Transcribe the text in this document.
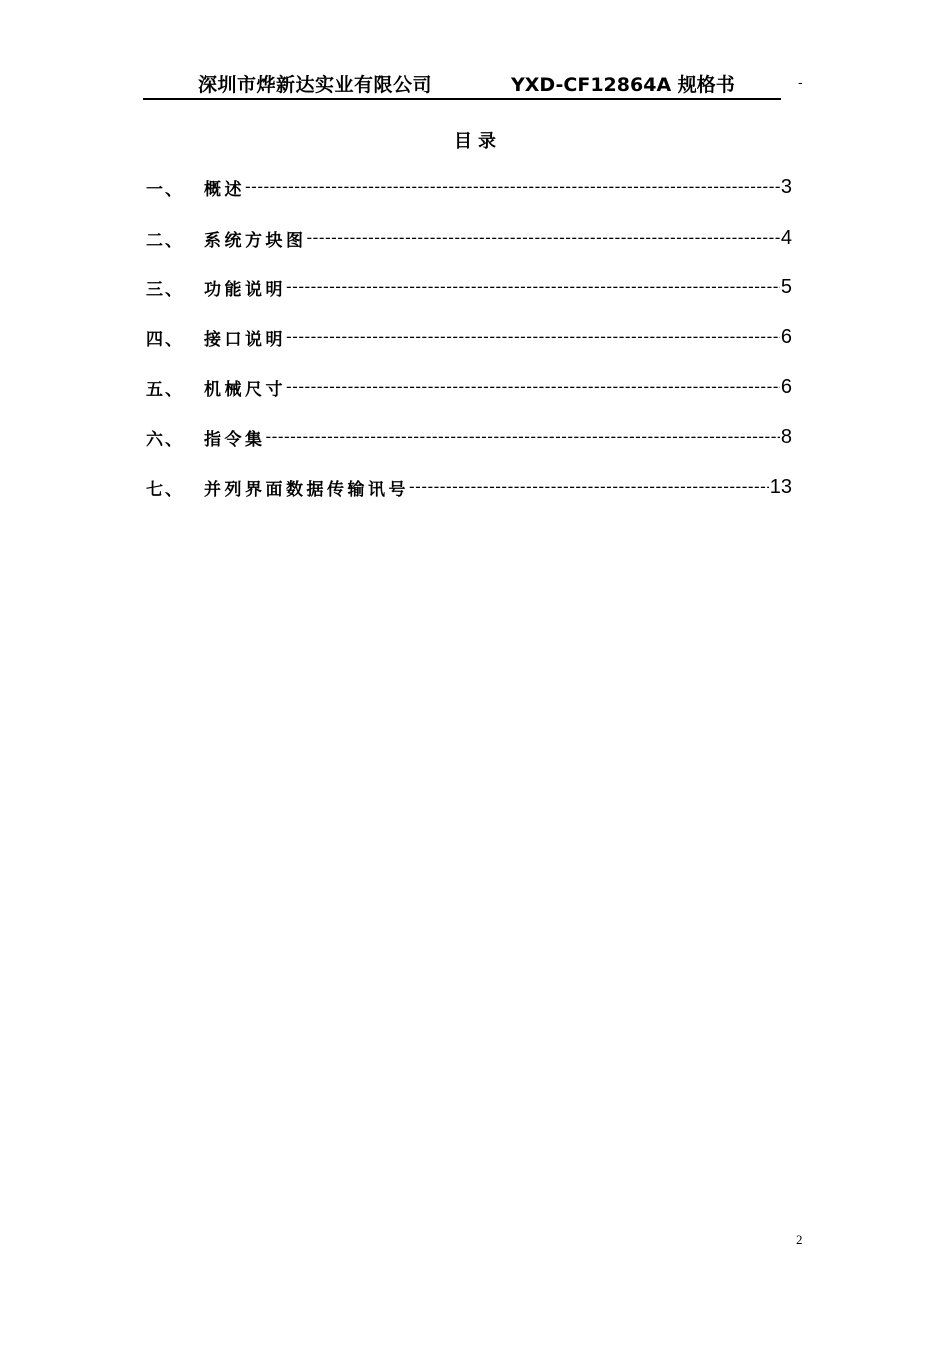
深圳市烨新达实业有限公司	YXD-CF12864A 规格书	-
目录
一、	概述 -----	3
二、	系统方块图 -----	4
三、	功能说明 -----	5
四、	接口说明 -----	6
五、	机械尺寸 -----	6
六、	指令集 -----	8
七、	并列界面数据传输讯号 -----	13
2
